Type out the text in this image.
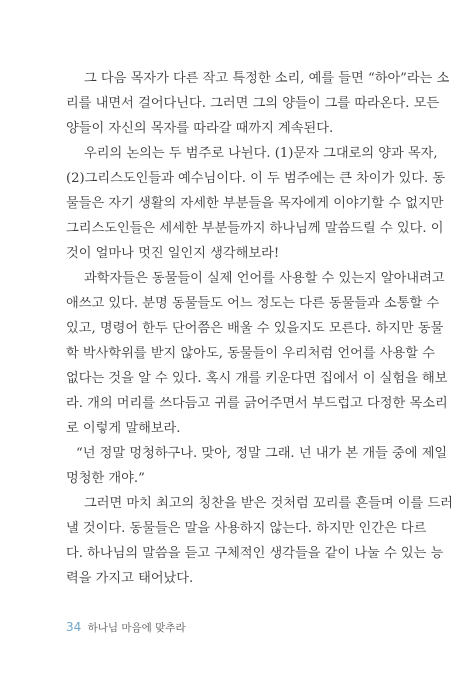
그 다음 목자가 다른 작고 특정한 소리, 예를 들면 “하아”라는 소
리를 내면서 걸어다닌다. 그러면 그의 양들이 그를 따라온다. 모든
양들이 자신의 목자를 따라갈 때까지 계속된다.
우리의 논의는 두 범주로 나뉜다. (1)문자 그대로의 양과 목자,
(2)그리스도인들과 예수님이다. 이 두 범주에는 큰 차이가 있다. 동
물들은 자기 생활의 자세한 부분들을 목자에게 이야기할 수 없지만
그리스도인들은 세세한 부분들까지 하나님께 말씀드릴 수 있다. 이
것이 얼마나 멋진 일인지 생각해보라!
과학자들은 동물들이 실제 언어를 사용할 수 있는지 알아내려고
애쓰고 있다. 분명 동물들도 어느 정도는 다른 동물들과 소통할 수
있고, 명령어 한두 단어쯤은 배울 수 있을지도 모른다. 하지만 동물
학 박사학위를 받지 않아도, 동물들이 우리처럼 언어를 사용할 수
없다는 것을 알 수 있다. 혹시 개를 키운다면 집에서 이 실험을 해보
라. 개의 머리를 쓰다듬고 귀를 긁어주면서 부드럽고 다정한 목소리
로 이렇게 말해보라.
“넌 정말 멍청하구나. 맞아, 정말 그래. 넌 내가 본 개들 중에 제일
멍청한 개야.”
그러면 마치 최고의 칭찬을 받은 것처럼 꼬리를 흔들며 이를 드러
낼 것이다. 동물들은 말을 사용하지 않는다. 하지만 인간은 다르
다. 하나님의 말씀을 듣고 구체적인 생각들을 같이 나눌 수 있는 능
력을 가지고 태어났다.
34 하나님 마음에 맞추라
